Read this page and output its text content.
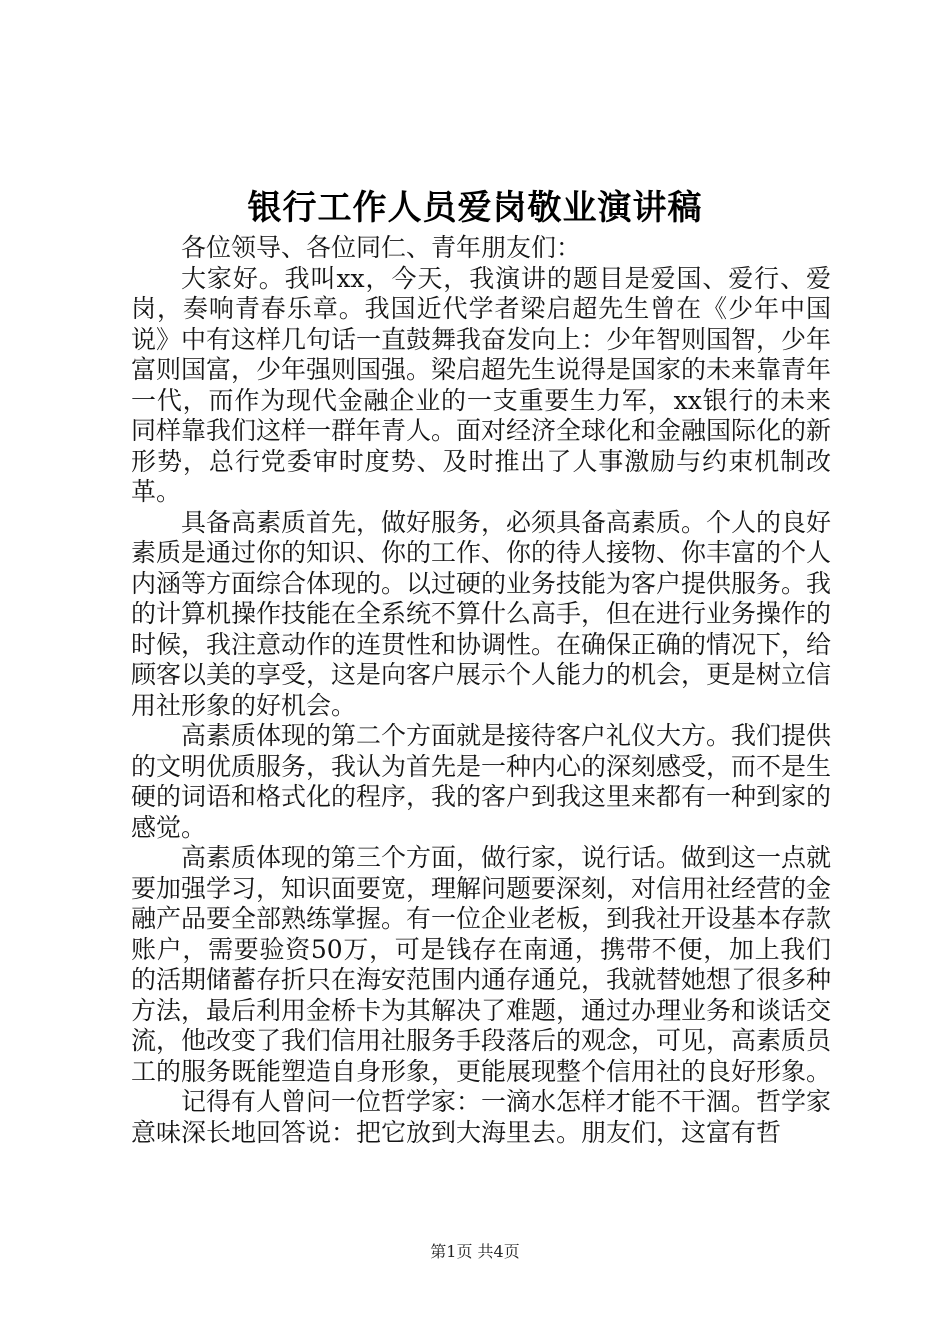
银行工作人员爱岗敬业演讲稿

各位领导、各位同仁、青年朋友们：

大家好。我叫xx，今天，我演讲的题目是爱国、爱行、爱岗，奏响青春乐章。我国近代学者梁启超先生曾在《少年中国说》中有这样几句话一直鼓舞我奋发向上：少年智则国智，少年富则国富，少年强则国强。梁启超先生说得是国家的未来靠青年一代，而作为现代金融企业的一支重要生力军，xx银行的未来同样靠我们这样一群年青人。面对经济全球化和金融国际化的新形势，总行党委审时度势、及时推出了人事激励与约束机制改革。

具备高素质首先，做好服务，必须具备高素质。个人的良好素质是通过你的知识、你的工作、你的待人接物、你丰富的个人内涵等方面综合体现的。以过硬的业务技能为客户提供服务。我的计算机操作技能在全系统不算什么高手，但在进行业务操作的时候，我注意动作的连贯性和协调性。在确保正确的情况下，给顾客以美的享受，这是向客户展示个人能力的机会，更是树立信用社形象的好机会。

高素质体现的第二个方面就是接待客户礼仪大方。我们提供的文明优质服务，我认为首先是一种内心的深刻感受，而不是生硬的词语和格式化的程序，我的客户到我这里来都有一种到家的感觉。

高素质体现的第三个方面，做行家，说行话。做到这一点就要加强学习，知识面要宽，理解问题要深刻，对信用社经营的金融产品要全部熟练掌握。有一位企业老板，到我社开设基本存款账户，需要验资50万，可是钱存在南通，携带不便，加上我们的活期储蓄存折只在海安范围内通存通兑，我就替她想了很多种方法，最后利用金桥卡为其解决了难题，通过办理业务和谈话交流，他改变了我们信用社服务手段落后的观念，可见，高素质员工的服务既能塑造自身形象，更能展现整个信用社的良好形象。

记得有人曾问一位哲学家：一滴水怎样才能不干涸。哲学家意味深长地回答说：把它放到大海里去。朋友们，这富有哲

第1页 共4页
